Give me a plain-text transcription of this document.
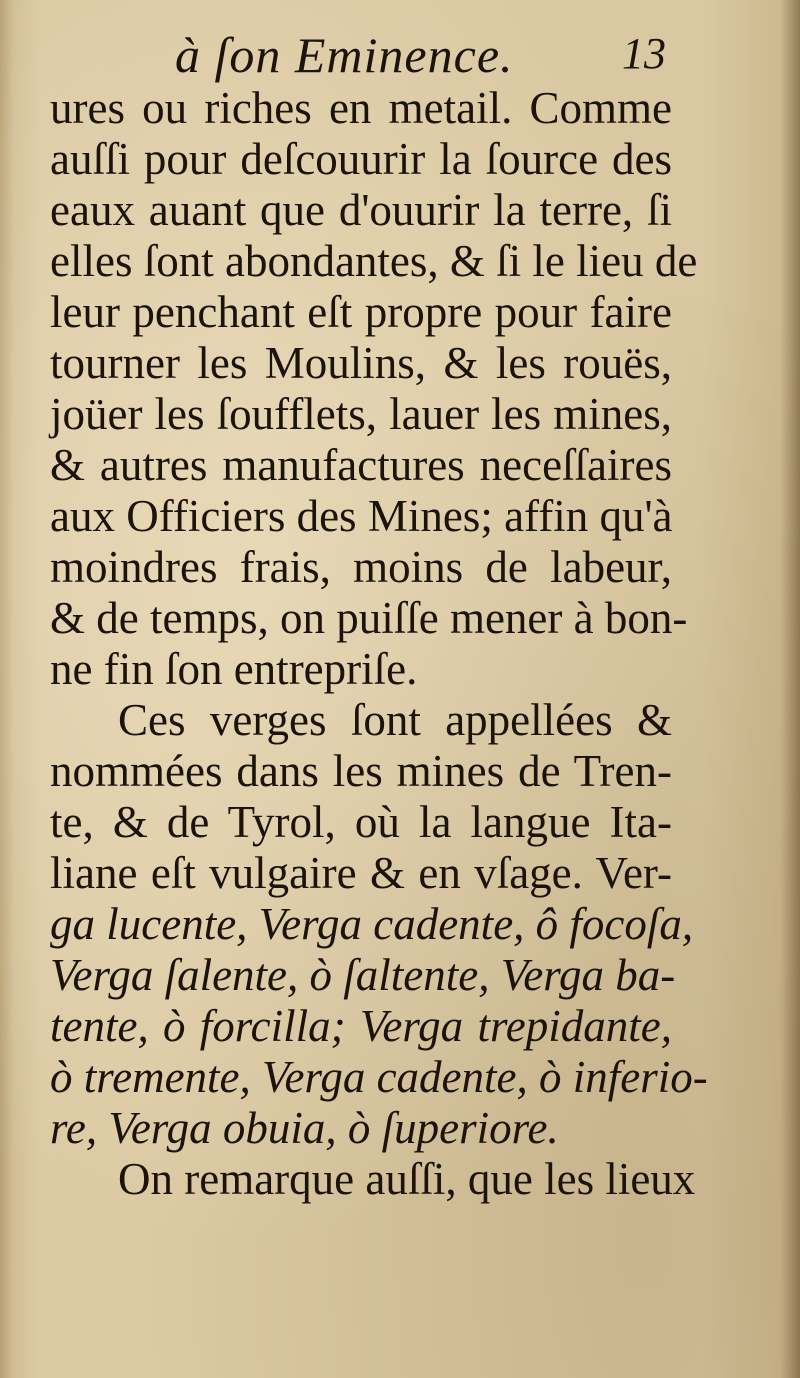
à ſon Eminence. 13
ures ou riches en metail. Comme
auſſi pour deſcouurir la ſource des
eaux auant que d'ouurir la terre, ſi
elles ſont abondantes, & ſi le lieu de
leur penchant eſt propre pour faire
tourner les Moulins, & les rouës,
joüer les ſoufflets, lauer les mines,
& autres manufactures neceſſaires
aux Officiers des Mines; affin qu'à
moindres frais, moins de labeur,
& de temps, on puiſſe mener à bon-
ne fin ſon entrepriſe.
Ces verges ſont appellées &
nommées dans les mines de Tren-
te, & de Tyrol, où la langue Ita-
liane eſt vulgaire & en vſage. Ver-
ga lucente, Verga cadente, ô focoſa,
Verga ſalente, ò ſaltente, Verga ba-
tente, ò forcilla; Verga trepidante,
ò tremente, Verga cadente, ò inferio-
re, Verga obuia, ò ſuperiore.
On remarque auſſi, que les lieux
